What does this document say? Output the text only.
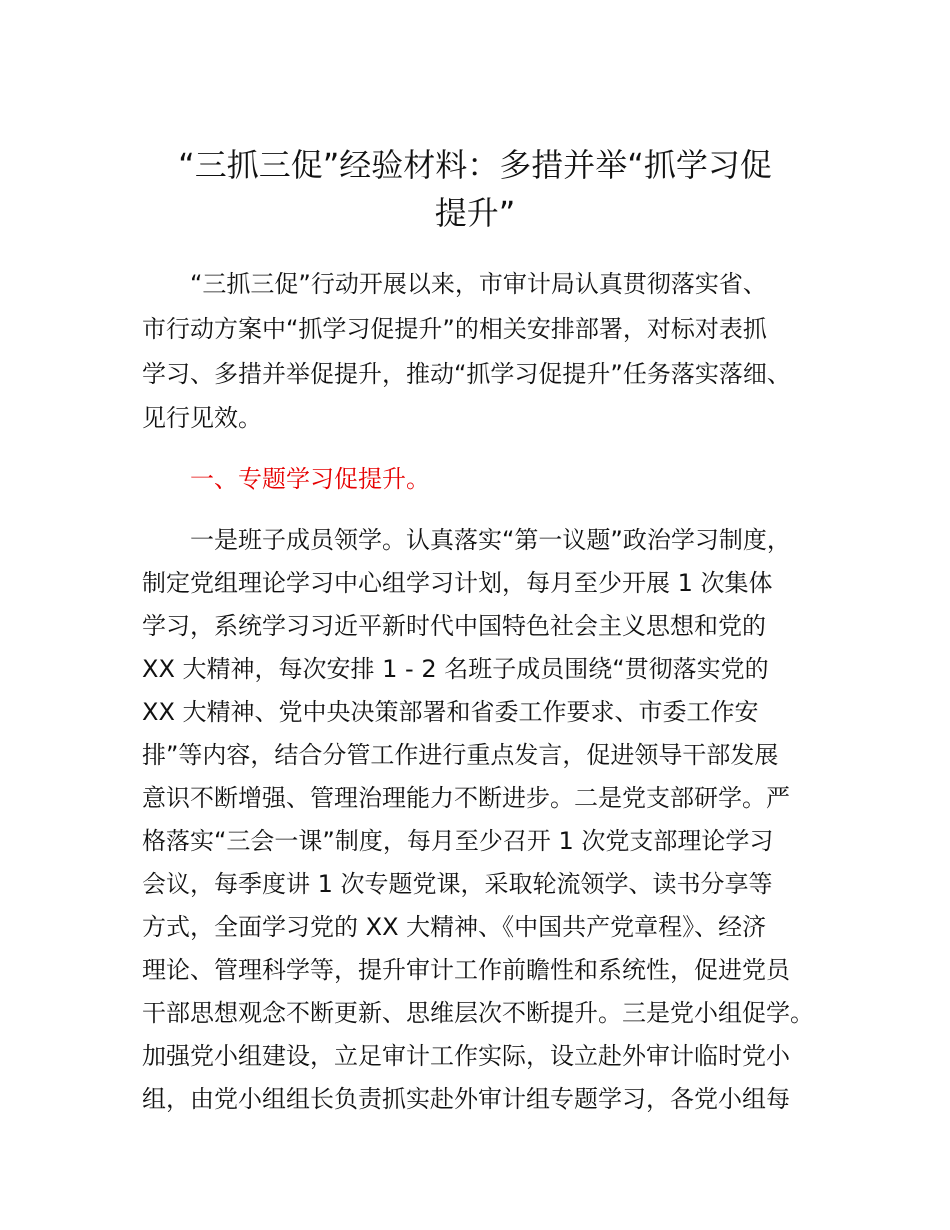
“三抓三促”经验材料：多措并举“抓学习促
提升”
“三抓三促”行动开展以来，市审计局认真贯彻落实省、
市行动方案中“抓学习促提升”的相关安排部署，对标对表抓
学习、多措并举促提升，推动“抓学习促提升”任务落实落细、
见行见效。
一、专题学习促提升。
一是班子成员领学。认真落实“第一议题”政治学习制度，
制定党组理论学习中心组学习计划，每月至少开展 1 次集体
学习，系统学习习近平新时代中国特色社会主义思想和党的
XX 大精神，每次安排 1 - 2 名班子成员围绕“贯彻落实党的
XX 大精神、党中央决策部署和省委工作要求、市委工作安
排”等内容，结合分管工作进行重点发言，促进领导干部发展
意识不断增强、管理治理能力不断进步。二是党支部研学。严
格落实“三会一课”制度，每月至少召开 1 次党支部理论学习
会议，每季度讲 1 次专题党课，采取轮流领学、读书分享等
方式，全面学习党的 XX 大精神、《中国共产党章程》、经济
理论、管理科学等，提升审计工作前瞻性和系统性，促进党员
干部思想观念不断更新、思维层次不断提升。三是党小组促学。
加强党小组建设，立足审计工作实际，设立赴外审计临时党小
组，由党小组组长负责抓实赴外审计组专题学习，各党小组每
